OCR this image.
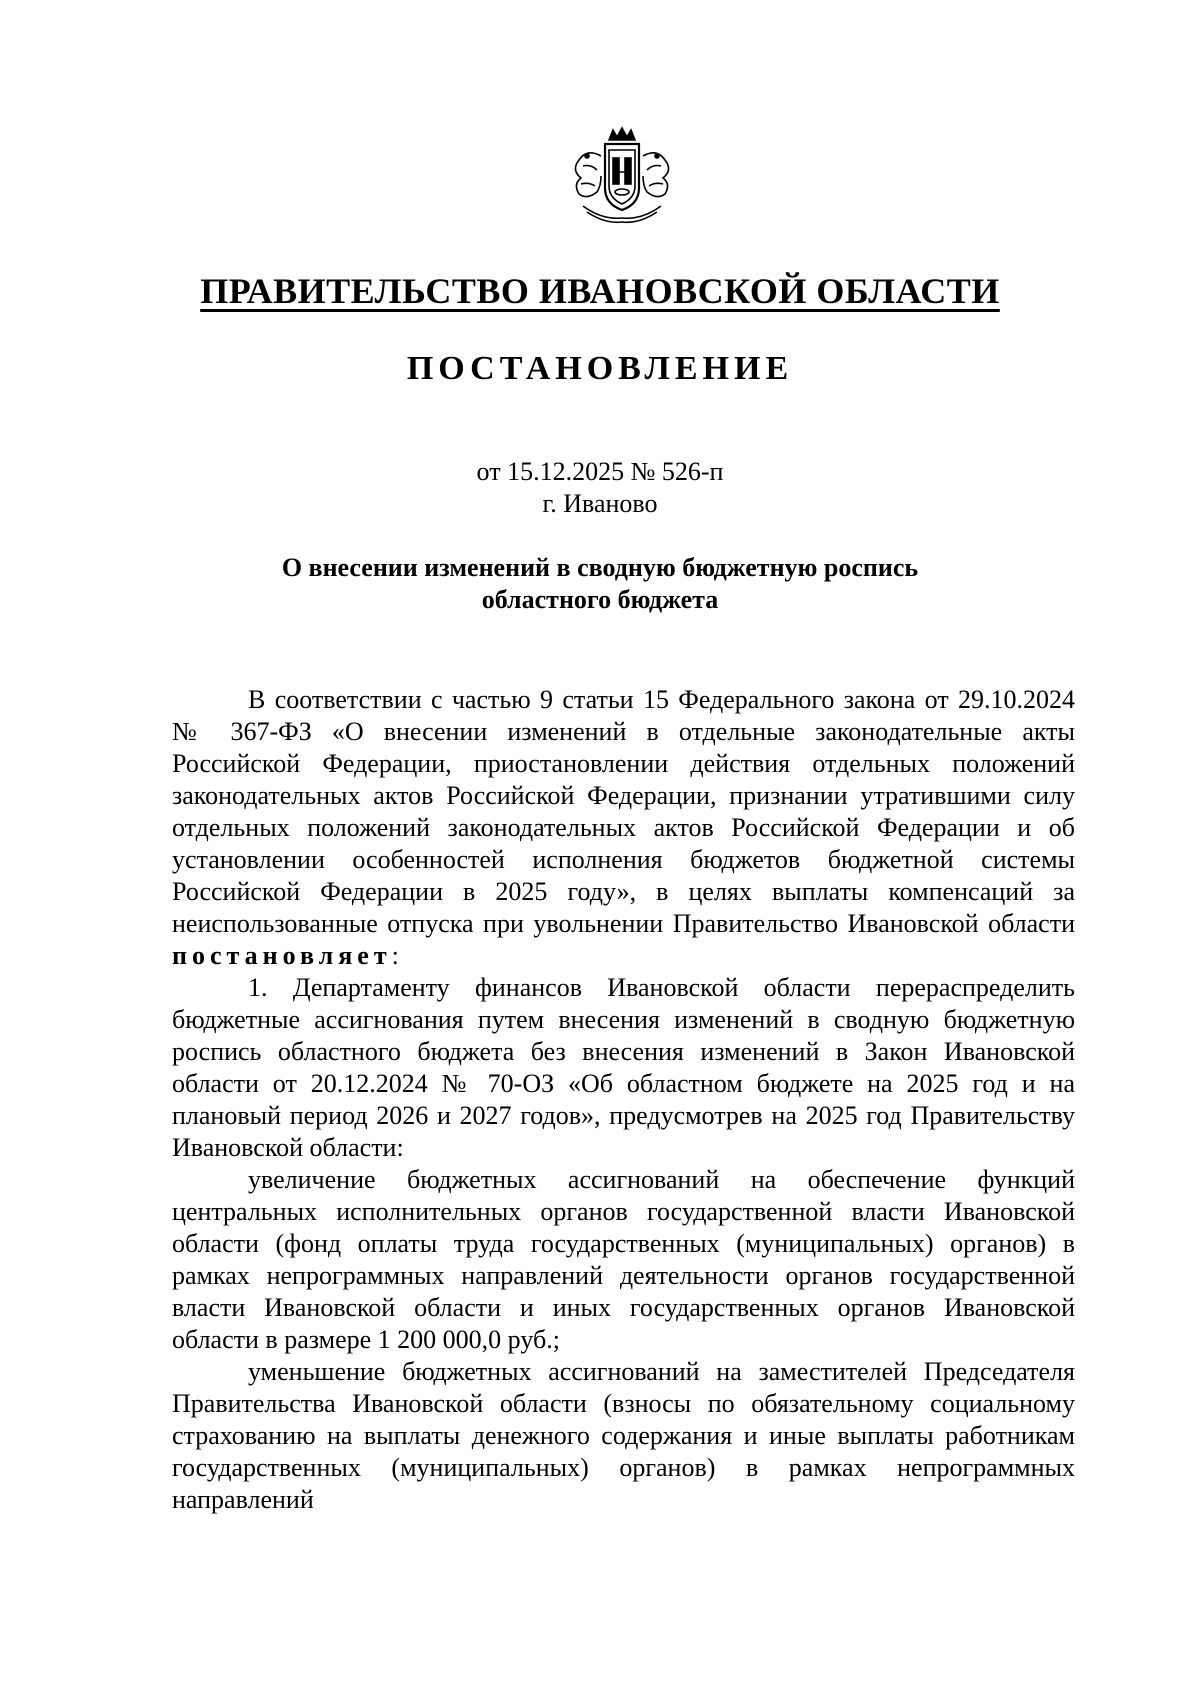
ПРАВИТЕЛЬСТВО ИВАНОВСКОЙ ОБЛАСТИ
ПОСТАНОВЛЕНИЕ
от 15.12.2025 № 526-п
г. Иваново
О внесении изменений в сводную бюджетную роспись
областного бюджета

В соответствии с частью 9 статьи 15 Федерального закона от 29.10.2024 № 367-ФЗ «О внесении изменений в отдельные законодательные акты Российской Федерации, приостановлении действия отдельных положений законодательных актов Российской Федерации, признании утратившими силу отдельных положений законодательных актов Российской Федерации и об установлении особенностей исполнения бюджетов бюджетной системы Российской Федерации в 2025 году», в целях выплаты компенсаций за неиспользованные отпуска при увольнении Правительство Ивановской области постановляет:

1. Департаменту финансов Ивановской области перераспределить бюджетные ассигнования путем внесения изменений в сводную бюджетную роспись областного бюджета без внесения изменений в Закон Ивановской области от 20.12.2024 № 70-ОЗ «Об областном бюджете на 2025 год и на плановый период 2026 и 2027 годов», предусмотрев на 2025 год Правительству Ивановской области:

увеличение бюджетных ассигнований на обеспечение функций центральных исполнительных органов государственной власти Ивановской области (фонд оплаты труда государственных (муниципальных) органов) в рамках непрограммных направлений деятельности органов государственной власти Ивановской области и иных государственных органов Ивановской области в размере 1 200 000,0 руб.;

уменьшение бюджетных ассигнований на заместителей Председателя Правительства Ивановской области (взносы по обязательному социальному страхованию на выплаты денежного содержания и иные выплаты работникам государственных (муниципальных) органов) в рамках непрограммных направлений
